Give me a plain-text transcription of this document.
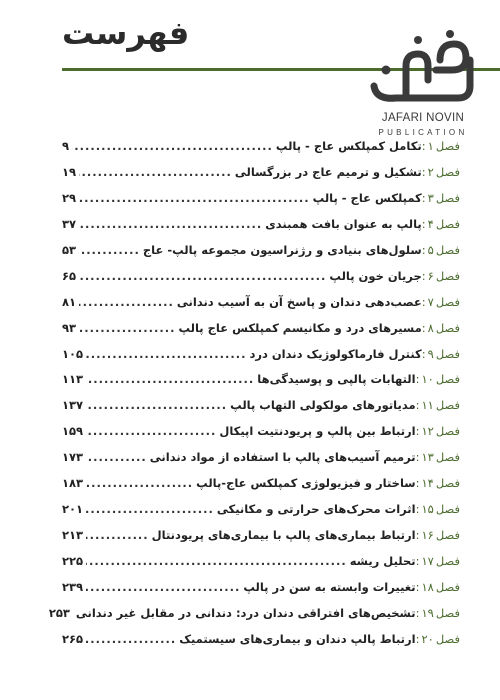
فهرست
JAFARI NOVIN
PUBLICATION
فصل۱:
تکامل کمپلکس عاج - پالپ
.....
۹
فصل۲:
تشکیل و ترمیم عاج در بزرگسالی
.....
۱۹
فصل۳:
کمپلکس عاج - پالپ
.....
۲۹
فصل۴:
پالپ به عنوان بافت همبندی
.....
۳۷
فصل۵:
سلول‌های بنیادی و رژنراسیون مجموعه پالپ- عاج
.....
۵۳
فصل۶:
جریان خون پالپ
.....
۶۵
فصل۷:
عصب‌دهی دندان و پاسخ آن به آسیب دندانی
.....
۸۱
فصل۸:
مسیرهای درد و مکانیسم کمپلکس عاج پالپ
.....
۹۳
فصل۹:
کنترل فارماکولوژیک دندان درد
.....
۱۰۵
فصل۱۰:
التهابات پالپی و پوسیدگی‌ها
.....
۱۱۳
فصل۱۱:
مدیاتورهای مولکولی التهاب پالپ
.....
۱۳۷
فصل۱۲:
ارتباط بین پالپ و پریودنتیت اپیکال
.....
۱۵۹
فصل۱۳:
ترمیم آسیب‌های پالپ با استفاده از مواد دندانی
.....
۱۷۳
فصل۱۴:
ساختار و فیزیولوژی کمپلکس عاج-پالپ
.....
۱۸۳
فصل۱۵:
اثرات محرک‌های حرارتی و مکانیکی
.....
۲۰۱
فصل۱۶:
ارتباط بیماری‌های پالپ با بیماری‌های پریودنتال
.....
۲۱۳
فصل۱۷:
تحلیل ریشه
.....
۲۲۵
فصل۱۸:
تغییرات وابسته به سن در پالپ
.....
۲۳۹
فصل۱۹:
تشخیص‌های افتراقی دندان درد: دندانی در مقابل غیر دندانی
۲۵۳
فصل۲۰:
ارتباط پالپ دندان و بیماری‌های سیستمیک
.....
۲۶۵
